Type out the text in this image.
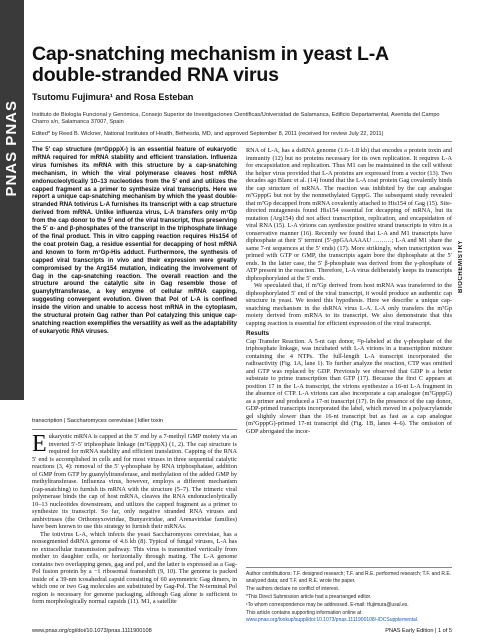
PNAS PNAS
Cap-snatching mechanism in yeast L-A double-stranded RNA virus
Tsutomu Fujimura¹ and Rosa Esteban
Instituto de Biología Funcional y Genómica, Consejo Superior de Investigaciones Científicas/Universidad de Salamanca, Edificio Departamental, Avenida del Campo Charro s/n, Salamanca 37007, Spain
Edited* by Reed B. Wickner, National Institutes of Health, Bethesda, MD, and approved September 8, 2011 (received for review July 22, 2011)
The 5′ cap structure (m⁷GpppX-) is an essential feature of eukaryotic mRNA required for mRNA stability and efficient translation. Influenza virus furnishes its mRNA with this structure by a cap-snatching mechanism, in which the viral polymerase cleaves host mRNA endonucleolytically 10–13 nucleotides from the 5′ end and utilizes the capped fragment as a primer to synthesize viral transcripts. Here we report a unique cap-snatching mechanism by which the yeast double-stranded RNA totivirus L-A furnishes its transcript with a cap structure derived from mRNA. Unlike influenza virus, L-A transfers only m⁷Gp from the cap donor to the 5′ end of the viral transcript, thus preserving the 5′ α- and β-phosphates of the transcript in the triphosphate linkage of the final product. This in vitro capping reaction requires His154 of the coat protein Gag, a residue essential for decapping of host mRNA and known to form m⁷Gp-His adduct. Furthermore, the synthesis of capped viral transcripts in vivo and their expression were greatly compromised by the Arg154 mutation, indicating the involvement of Gag in the cap-snatching reaction. The overall reaction and the structure around the catalytic site in Gag resemble those of guanylyltransferase, a key enzyme of cellular mRNA capping, suggesting convergent evolution. Given that Pol of L-A is confined inside the virion and unable to access host mRNA in the cytoplasm, the structural protein Gag rather than Pol catalyzing this unique cap-snatching reaction exemplifies the versatility as well as the adaptability of eukaryotic RNA viruses.
transcription | Saccharomyces cerevisiae | killer toxin
Eukaryotic mRNA is capped at the 5′ end by a 7-methyl GMP moiety via an inverted 5′-5′ triphosphate linkage (m⁷GpppX) (1, 2). The cap structure is required for mRNA stability and efficient translation. Capping of the RNA 5′ end is accomplished in cells and for most viruses in three sequential catalytic reactions (3, 4): removal of the 5′ γ-phosphate by RNA triphosphatase, addition of GMP from GTP by guanylyltransferase, and methylation of the added GMP by methyltransferase. Influenza virus, however, employs a different mechanism (cap-snatching) to furnish its mRNA with the structure (5–7). The trimeric viral polymerase binds the cap of host mRNA, cleaves the RNA endonucleolytically 10–13 nucleotides downstream, and utilizes the capped fragment as a primer to synthesize its transcript. So far, only negative stranded RNA viruses and ambiviruses (the Orthomyxoviridae, Bunyaviridae, and Arenaviridae families) have been known to use this strategy to furnish their mRNAs.
The totivirus L-A, which infects the yeast Saccharomyces cerevisiae, has a nonsegmented dsRNA genome of 4.6 kb (8). Typical of fungal viruses, L-A has no extracellular transmission pathway. This virus is transmitted vertically from mother to daughter cells, or horizontally through mating. The L-A genome contains two overlapping genes, gag and pol, and the latter is expressed as a Gag-Pol fusion protein by a −1 ribosomal frameshift (9, 10). The genome is packed inside of a 39-nm icosahedral capsid consisting of 60 asymmetric Gag dimers, in which one or two Gag molecules are substituted by Gag-Pol. The N-terminal Pol region is necessary for genome packaging, although Gag alone is sufficient to form morphologically normal capsids (11). M1, a satellite
RNA of L-A, has a dsRNA genome (1.6–1.8 kb) that encodes a protein toxin and immunity (12) but no proteins necessary for its own replication. It requires L-A for encapsidation and replication. Thus M1 can be maintained in the cell without the helper virus provided that L-A proteins are expressed from a vector (13). Two decades ago Blanc et al. (14) found that the L-A coat protein Gag covalently binds the cap structure of mRNA. The reaction was inhibited by the cap analogue m⁷GpppG but not by the nonmethylated GpppG. The subsequent study revealed that m⁷Gp decapped from mRNA covalently attached to His154 of Gag (15). Site-directed mutagenesis found His154 essential for decapping of mRNA, but its mutation (Arg154) did not affect transcription, replication, and encapsidation of viral RNA (15). L-A virions can synthesize positive strand transcripts in vitro in a conservative manner (16). Recently we found that L-A and M1 transcripts have diphosphate at their 5′ termini (5′-ppGAAAAAU ………; L-A and M1 share the same 7-nt sequences at the 5′ ends) (17). More strikingly, when transcription was primed with GTP or GMP, the transcripts again bore the diphosphate at the 5′ ends. In the latter case, the 5′ β-phosphate was derived from the γ-phosphate of ATP present in the reaction. Therefore, L-A virus deliberately keeps its transcripts diphosphorylated at the 5′ ends.
We speculated that, if m⁷Gp derived from host mRNA was transferred to the diphosphorylated 5′ end of the viral transcript, it would produce an authentic cap structure in yeast. We tested this hypothesis. Here we describe a unique cap-snatching mechanism in the dsRNA virus L-A. L-A only transfers the m⁷Gp moiety derived from mRNA to its transcript. We also demonstrate that this capping reaction is essential for efficient expression of the viral transcript.
Results
Cap Transfer Reaction. A 5-nt cap donor, ³²p-labeled at the γ-phosphate of the triphosphate linkage, was incubated with L-A virions in a transcription mixture containing the 4 NTPs. The full-length L-A transcript incorporated the radioactivity (Fig. 1A, lane 1). To further analyze the reaction, CTP was omitted and GTP was replaced by GDP. Previously we observed that GDP is a better substrate to prime transcription than GTP (17). Because the first C appears at position 17 in the L-A transcript, the virions synthesize a 16-nt L-A fragment in the absence of CTP. L-A virions can also incorporate a cap analogue (m⁷GpppG) as a primer and produced a 17-nt transcript (17). In the presence of the cap donor, GDP-primed transcripts incorporated the label, which moved in a polyacrylamide gel slightly slower than the 16-nt transcript but as fast as a cap analogue (m⁷GpppG)-primed 17-nt transcript did (Fig. 1B, lanes 4–6). The omission of GDP abrogated the incor-

Author contributions: T.F. designed research; T.F. and R.E. performed research; T.F. and R.E. analyzed data; and T.F. and R.E. wrote the paper.

The authors declare no conflict of interest.

*This Direct Submission article had a prearranged editor.

¹To whom correspondence may be addressed. E-mail: tfujimura@usal.es.

This article contains supporting information online at www.pnas.org/lookup/suppl/doi:10.1073/pnas.1111900108/-/DCSupplemental.

BIOCHEMISTRY
www.pnas.org/cgi/doi/10.1073/pnas.1111900108	PNAS Early Edition | 1 of 5
